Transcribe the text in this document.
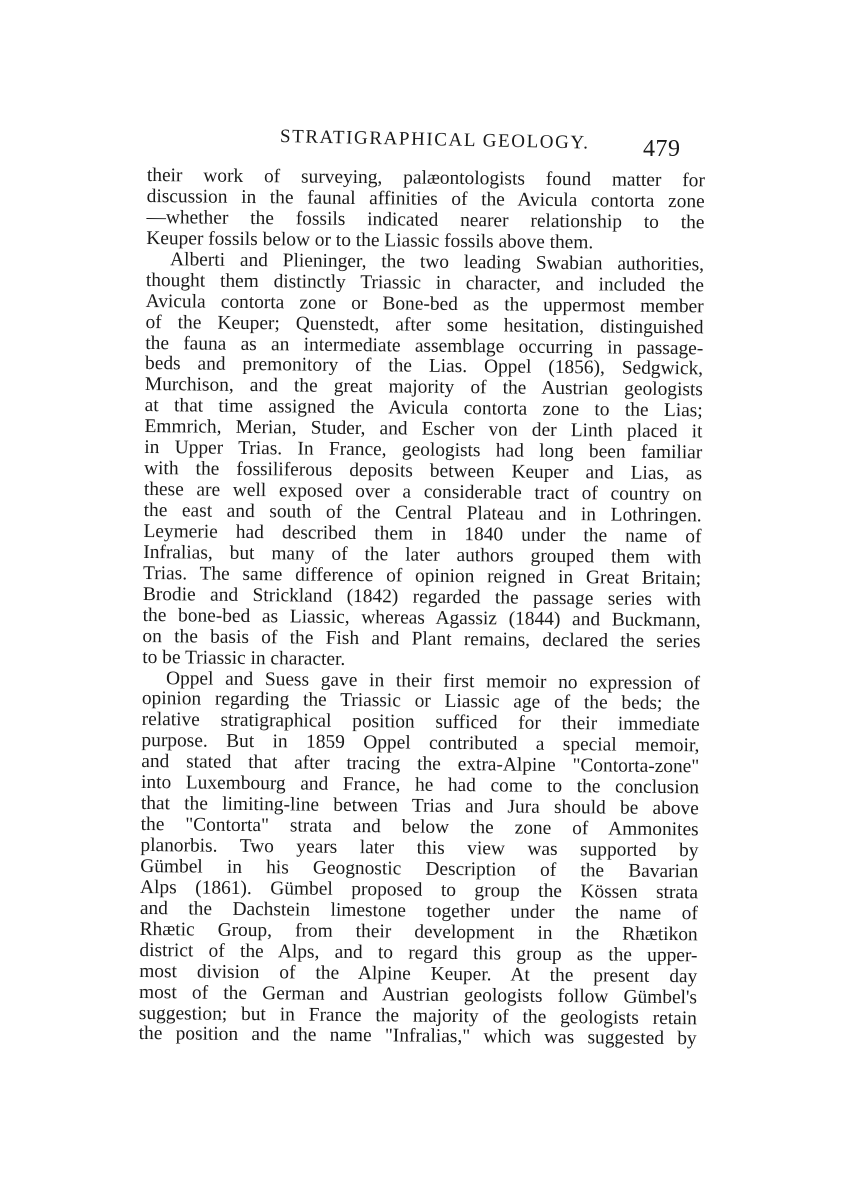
STRATIGRAPHICAL GEOLOGY. 479
their work of surveying, palæontologists found matter for
discussion in the faunal affinities of the Avicula contorta zone
—whether the fossils indicated nearer relationship to the
Keuper fossils below or to the Liassic fossils above them.
Alberti and Plieninger, the two leading Swabian authorities,
thought them distinctly Triassic in character, and included the
Avicula contorta zone or Bone-bed as the uppermost member
of the Keuper; Quenstedt, after some hesitation, distinguished
the fauna as an intermediate assemblage occurring in passage-
beds and premonitory of the Lias. Oppel (1856), Sedgwick,
Murchison, and the great majority of the Austrian geologists
at that time assigned the Avicula contorta zone to the Lias;
Emmrich, Merian, Studer, and Escher von der Linth placed it
in Upper Trias. In France, geologists had long been familiar
with the fossiliferous deposits between Keuper and Lias, as
these are well exposed over a considerable tract of country on
the east and south of the Central Plateau and in Lothringen.
Leymerie had described them in 1840 under the name of
Infralias, but many of the later authors grouped them with
Trias. The same difference of opinion reigned in Great Britain;
Brodie and Strickland (1842) regarded the passage series with
the bone-bed as Liassic, whereas Agassiz (1844) and Buckmann,
on the basis of the Fish and Plant remains, declared the series
to be Triassic in character.
Oppel and Suess gave in their first memoir no expression of
opinion regarding the Triassic or Liassic age of the beds; the
relative stratigraphical position sufficed for their immediate
purpose. But in 1859 Oppel contributed a special memoir,
and stated that after tracing the extra-Alpine "Contorta-zone"
into Luxembourg and France, he had come to the conclusion
that the limiting-line between Trias and Jura should be above
the "Contorta" strata and below the zone of Ammonites
planorbis. Two years later this view was supported by
Gümbel in his Geognostic Description of the Bavarian
Alps (1861). Gümbel proposed to group the Kössen strata
and the Dachstein limestone together under the name of
Rhætic Group, from their development in the Rhætikon
district of the Alps, and to regard this group as the upper-
most division of the Alpine Keuper. At the present day
most of the German and Austrian geologists follow Gümbel's
suggestion; but in France the majority of the geologists retain
the position and the name "Infralias," which was suggested by
